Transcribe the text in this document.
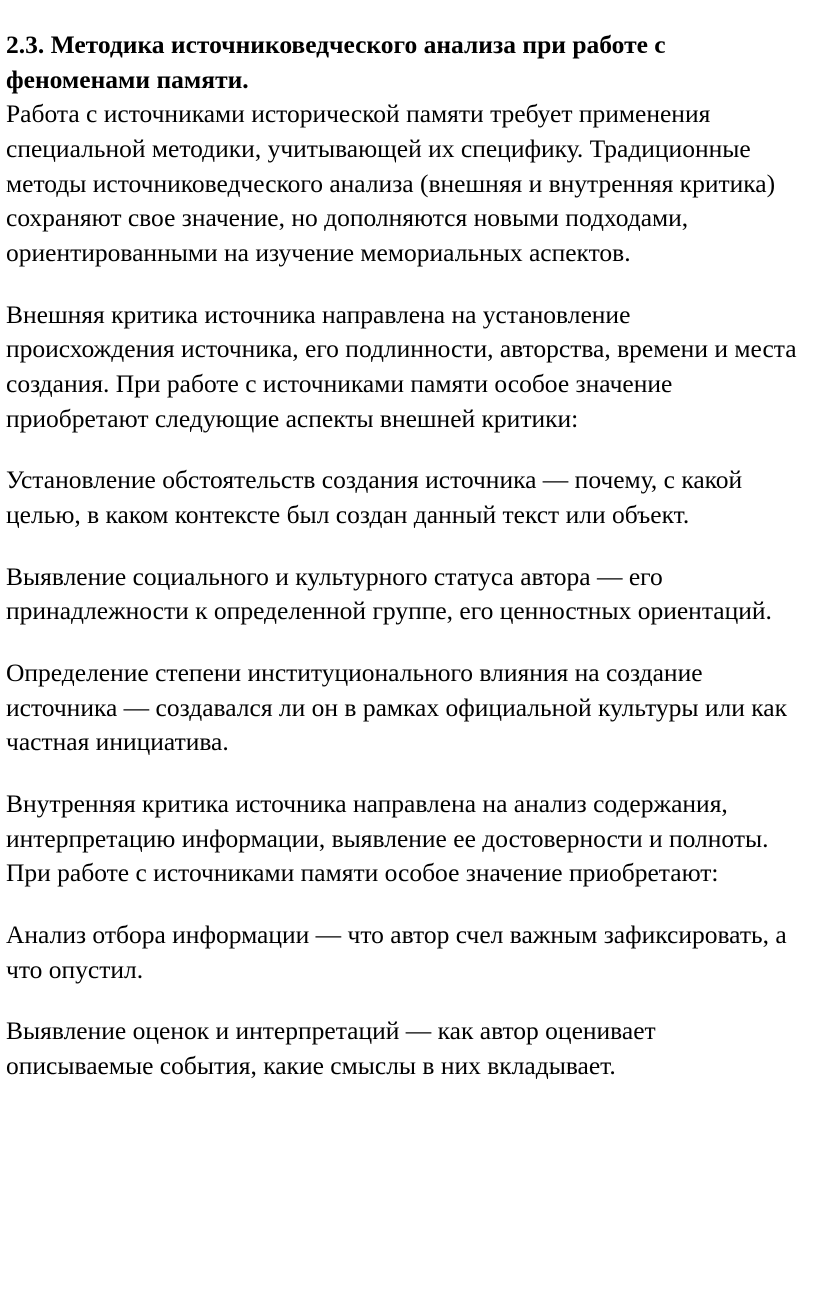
2.3. Методика источниковедческого анализа при работе с феноменами памяти.

Работа с источниками исторической памяти требует применения специальной методики, учитывающей их специфику. Традиционные методы источниковедческого анализа (внешняя и внутренняя критика) сохраняют свое значение, но дополняются новыми подходами, ориентированными на изучение мемориальных аспектов.

Внешняя критика источника направлена на установление происхождения источника, его подлинности, авторства, времени и места создания. При работе с источниками памяти особое значение приобретают следующие аспекты внешней критики:

Установление обстоятельств создания источника — почему, с какой целью, в каком контексте был создан данный текст или объект.

Выявление социального и культурного статуса автора — его принадлежности к определенной группе, его ценностных ориентаций.

Определение степени институционального влияния на создание источника — создавался ли он в рамках официальной культуры или как частная инициатива.

Внутренняя критика источника направлена на анализ содержания, интерпретацию информации, выявление ее достоверности и полноты. При работе с источниками памяти особое значение приобретают:

Анализ отбора информации — что автор счел важным зафиксировать, а что опустил.

Выявление оценок и интерпретаций — как автор оценивает описываемые события, какие смыслы в них вкладывает.
